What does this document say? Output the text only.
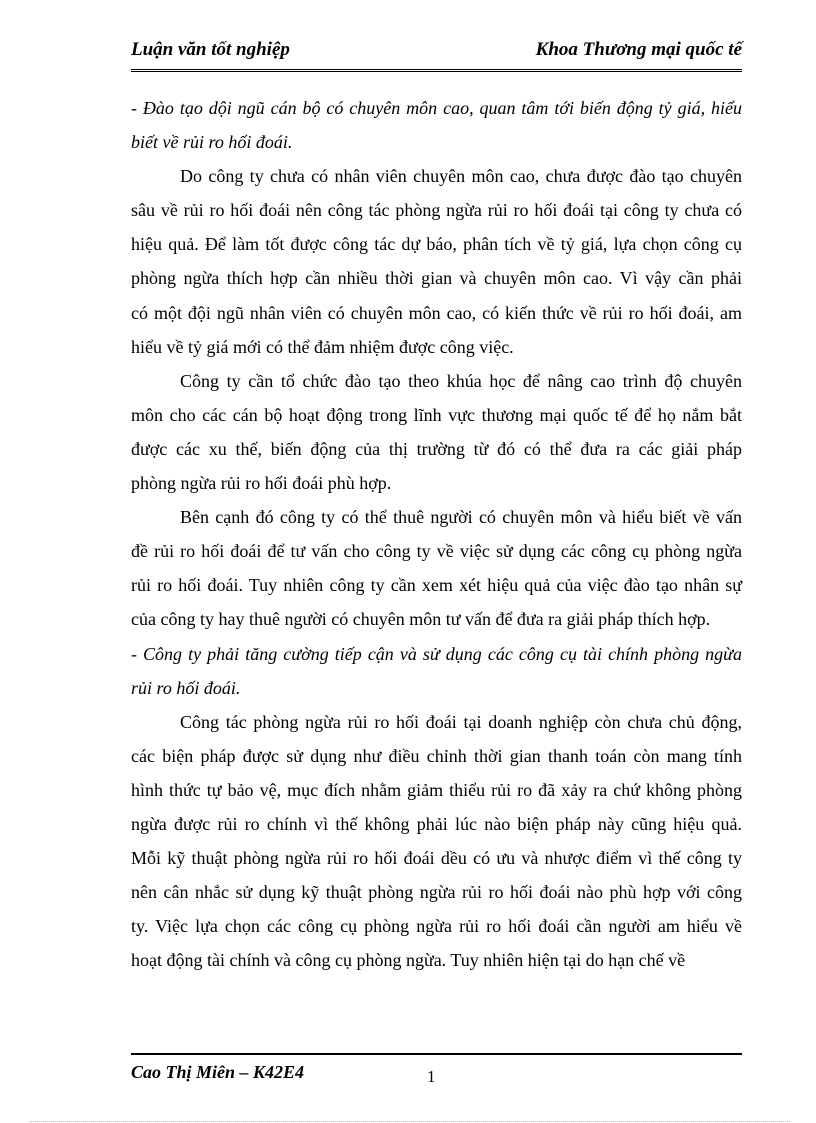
Luận văn tốt nghiệp	Khoa Thương mại quốc tế
- Đào tạo dội ngũ cán bộ có chuyên môn cao, quan tâm tới biến động tỷ giá, hiểu
biết về rủi ro hối đoái.
Do công ty chưa có nhân viên chuyên môn cao, chưa được đào tạo chuyên
sâu về rủi ro hối đoái nên công tác phòng ngừa rủi ro hối đoái tại công ty chưa có
hiệu quả. Để làm tốt được công tác dự báo, phân tích về tỷ giá, lựa chọn công cụ
phòng ngừa thích hợp cần nhiều thời gian và chuyên môn cao. Vì vậy cần phải
có một đội ngũ nhân viên có chuyên môn cao, có kiến thức về rủi ro hối đoái, am
hiểu về tỷ giá mới có thể đảm nhiệm được công việc.
Công ty cần tổ chức đào tạo theo khúa học để nâng cao trình độ chuyên
môn cho các cán bộ hoạt động trong lĩnh vực thương mại quốc tế để họ nắm bắt
được các xu thế, biến động của thị trường từ đó có thể đưa ra các giải pháp
phòng ngừa rủi ro hối đoái phù hợp.
Bên cạnh đó công ty có thể thuê người có chuyên môn và hiểu biết về vấn
đề rủi ro hối đoái để tư vấn cho công ty về việc sử dụng các công cụ phòng ngừa
rủi ro hối đoái. Tuy nhiên công ty cần xem xét hiệu quả của việc đào tạo nhân sự
của công ty hay thuê người có chuyên môn tư vấn để đưa ra giải pháp thích hợp.
- Công ty phải tăng cường tiếp cận và sử dụng các công cụ tài chính phòng ngừa
rủi ro hối đoái.
Công tác phòng ngừa rủi ro hối đoái tại doanh nghiệp còn chưa chủ động,
các biện pháp được sử dụng như điều chỉnh thời gian thanh toán còn mang tính
hình thức tự bảo vệ, mục đích nhằm giảm thiểu rủi ro đã xảy ra chứ không phòng
ngừa được rủi ro chính vì thế không phải lúc nào biện pháp này cũng hiệu quả.
Mỗi kỹ thuật phòng ngừa rủi ro hối đoái dều có ưu và nhược điểm vì thế công ty
nên cân nhắc sử dụng kỹ thuật phòng ngừa rủi ro hối đoái nào phù hợp với công
ty. Việc lựa chọn các công cụ phòng ngừa rủi ro hối đoái cần người am hiểu về
hoạt động tài chính và công cụ phòng ngừa. Tuy nhiên hiện tại do hạn chế về
Cao Thị Miên – K42E4	1
